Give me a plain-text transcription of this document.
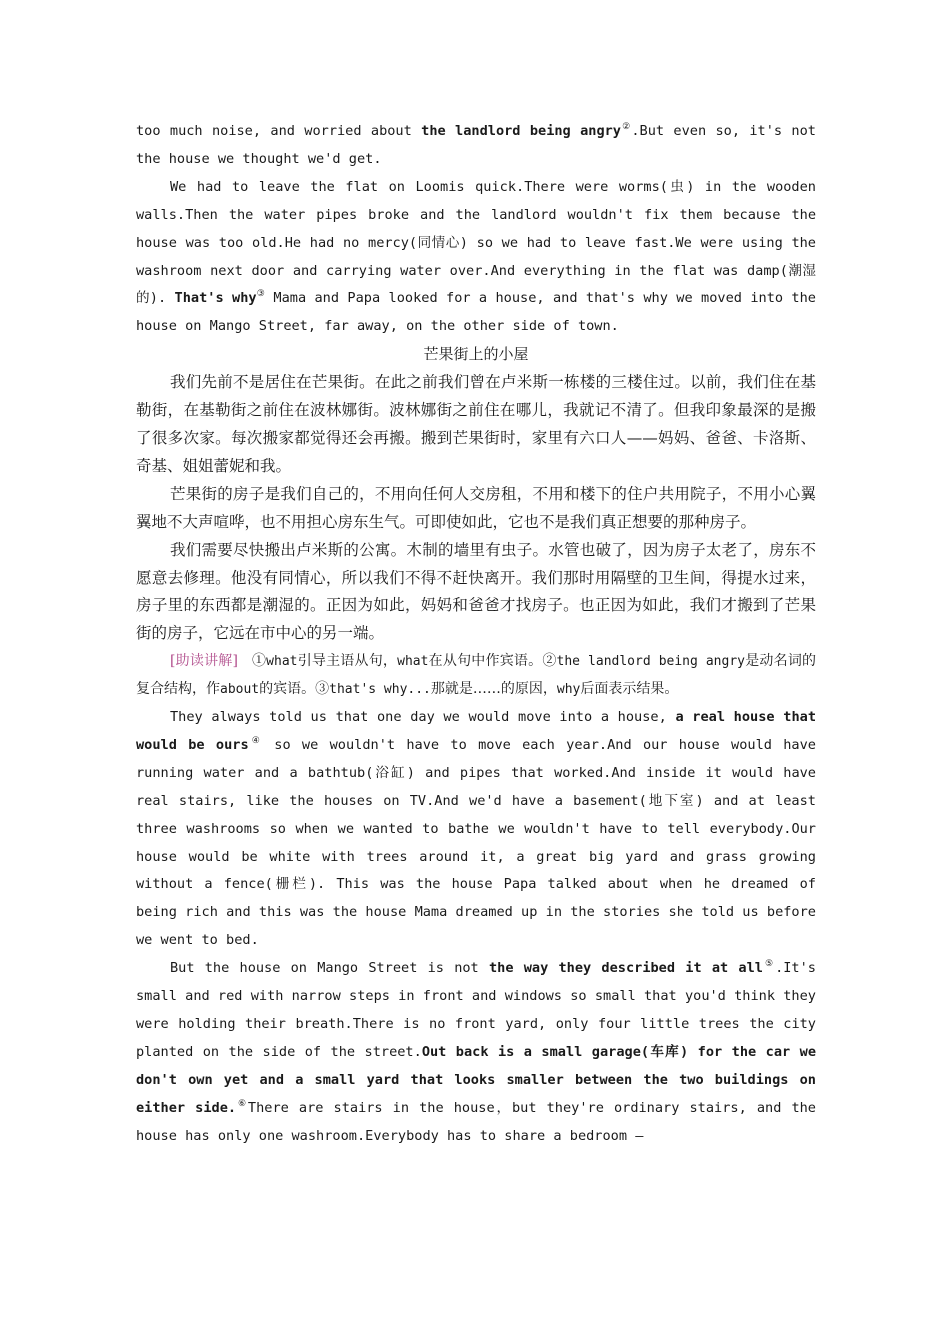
too much noise, and worried about the landlord being angry②.But even so, it's not the house we thought we'd get.

We had to leave the flat on Loomis quick.There were worms(虫) in the wooden walls.Then the water pipes broke and the landlord wouldn't fix them because the house was too old.He had no mercy(同情心) so we had to leave fast.We were using the washroom next door and carrying water over.And everything in the flat was damp(潮湿的). That's why③ Mama and Papa looked for a house, and that's why we moved into the house on Mango Street, far away, on the other side of town.

芒果街上的小屋

我们先前不是居住在芒果街。在此之前我们曾在卢米斯一栋楼的三楼住过。以前，我们住在基勒街，在基勒街之前住在波林娜街。波林娜街之前住在哪儿，我就记不清了。但我印象最深的是搬了很多次家。每次搬家都觉得还会再搬。搬到芒果街时，家里有六口人——妈妈、爸爸、卡洛斯、奇基、姐姐蕾妮和我。

芒果街的房子是我们自己的，不用向任何人交房租，不用和楼下的住户共用院子，不用小心翼翼地不大声喧哗，也不用担心房东生气。可即使如此，它也不是我们真正想要的那种房子。

我们需要尽快搬出卢米斯的公寓。木制的墙里有虫子。水管也破了，因为房子太老了，房东不愿意去修理。他没有同情心，所以我们不得不赶快离开。我们那时用隔壁的卫生间，得提水过来，房子里的东西都是潮湿的。正因为如此，妈妈和爸爸才找房子。也正因为如此，我们才搬到了芒果街的房子，它远在市中心的另一端。

[助读讲解] ①what引导主语从句，what在从句中作宾语。②the landlord being angry是动名词的复合结构，作about的宾语。③that's why...那就是……的原因，why后面表示结果。

They always told us that one day we would move into a house, a real house that would be ours④ so we wouldn't have to move each year.And our house would have running water and a bathtub(浴缸) and pipes that worked.And inside it would have real stairs, like the houses on TV.And we'd have a basement(地下室) and at least three washrooms so when we wanted to bathe we wouldn't have to tell everybody.Our house would be white with trees around it, a great big yard and grass growing without a fence(栅栏). This was the house Papa talked about when he dreamed of being rich and this was the house Mama dreamed up in the stories she told us before we went to bed.

But the house on Mango Street is not the way they described it at all⑤.It's small and red with narrow steps in front and windows so small that you'd think they were holding their breath.There is no front yard, only four little trees the city planted on the side of the street.Out back is a small garage(车库) for the car we don't own yet and a small yard that looks smaller between the two buildings on either side.⑥There are stairs in the house，but they're ordinary stairs, and the house has only one washroom.Everybody has to share a bedroom —
